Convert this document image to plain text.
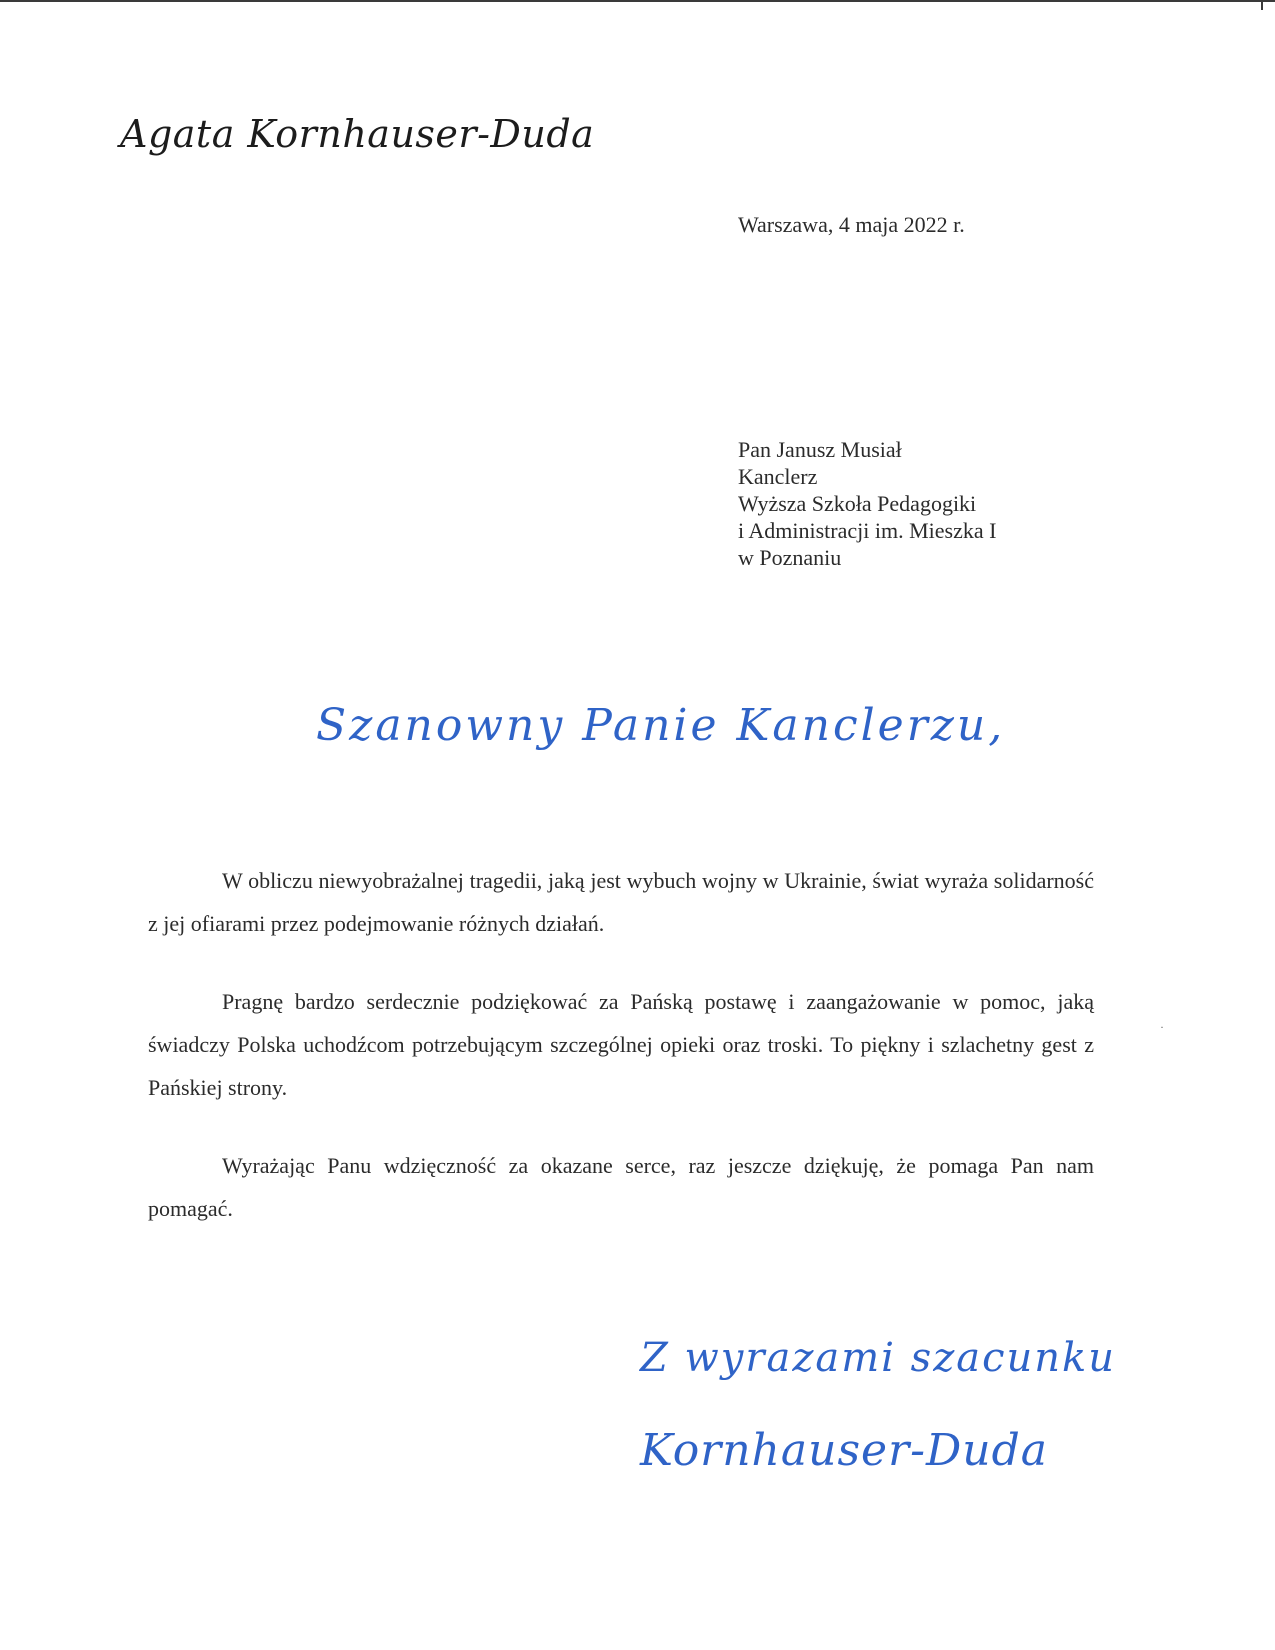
Agata Kornhauser-Duda
Warszawa, 4 maja 2022 r.
Pan Janusz Musiał
Kanclerz
Wyższa Szkoła Pedagogiki
i Administracji im. Mieszka I
w Poznaniu
Szanowny Panie Kanclerzu,

W obliczu niewyobrażalnej tragedii, jaką jest wybuch wojny w Ukrainie, świat wyraża solidarność z jej ofiarami przez podejmowanie różnych działań.

Pragnę bardzo serdecznie podziękować za Pańską postawę i zaangażowanie w pomoc, jaką świadczy Polska uchodźcom potrzebującym szczególnej opieki oraz troski. To piękny i szlachetny gest z Pańskiej strony.

Wyrażając Panu wdzięczność za okazane serce, raz jeszcze dziękuję, że pomaga Pan nam pomagać.

·
Z wyrazami szacunku
Kornhauser-Duda
